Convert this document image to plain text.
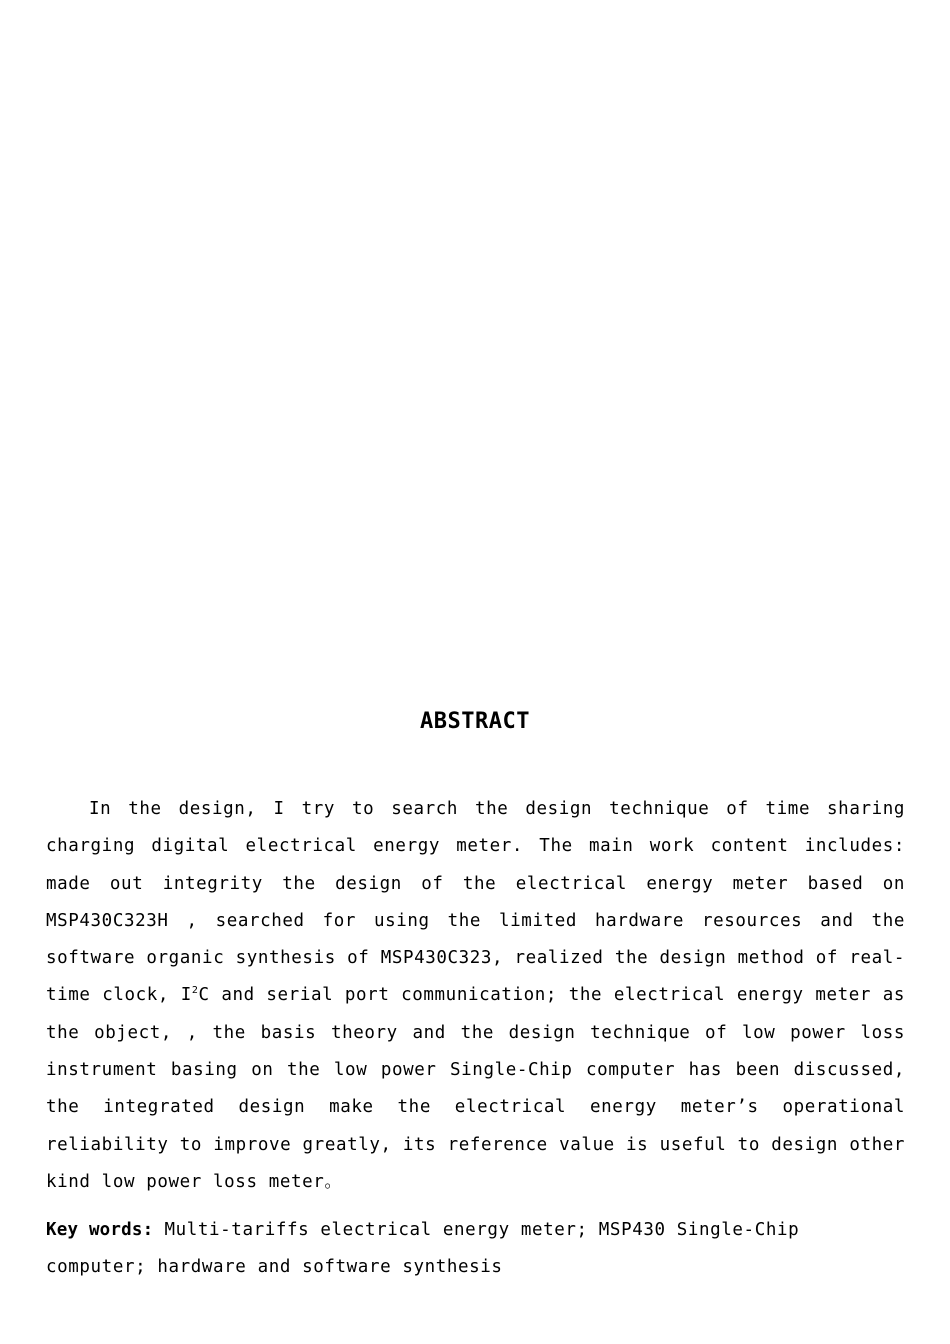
ABSTRACT

In the design, I try to search the design technique of time sharing charging digital electrical energy meter. The main work content includes: made out integrity the design of the electrical energy meter based on MSP430C323H , searched for using the limited hardware resources and the software organic synthesis of MSP430C323, realized the design method of real-time clock, $I^2C$ and serial port communication; the electrical energy meter as the object, , the basis theory and the design technique of low power loss instrument basing on the low power Single-Chip computer has been discussed, the integrated design make the electrical energy meter’s operational reliability to improve greatly, its reference value is useful to design other kind low power loss meter。

Key words: Multi-tariffs electrical energy meter; MSP430 Single-Chip computer; hardware and software synthesis
